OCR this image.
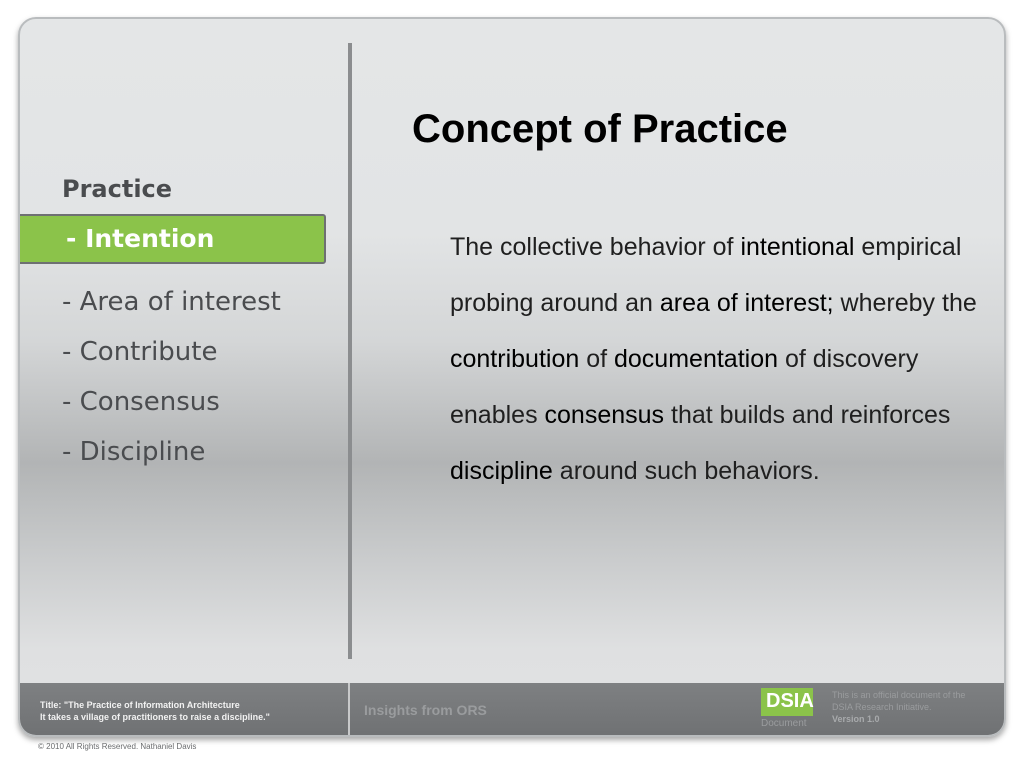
Practice
- Intention
- Area of interest
- Contribute
- Consensus
- Discipline
Concept of Practice
The collective behavior of intentional empirical probing around an area of interest; whereby the contribution of documentation of discovery enables consensus that builds and reinforces discipline around such behaviors.
Title: "The Practice of Information Architecture
It takes a village of practitioners to raise a discipline."	Insights from ORS	DSIA
Document
This is an official document of the
DSIA Research Initiative.
Version 1.0
© 2010 All Rights Reserved. Nathaniel Davis
